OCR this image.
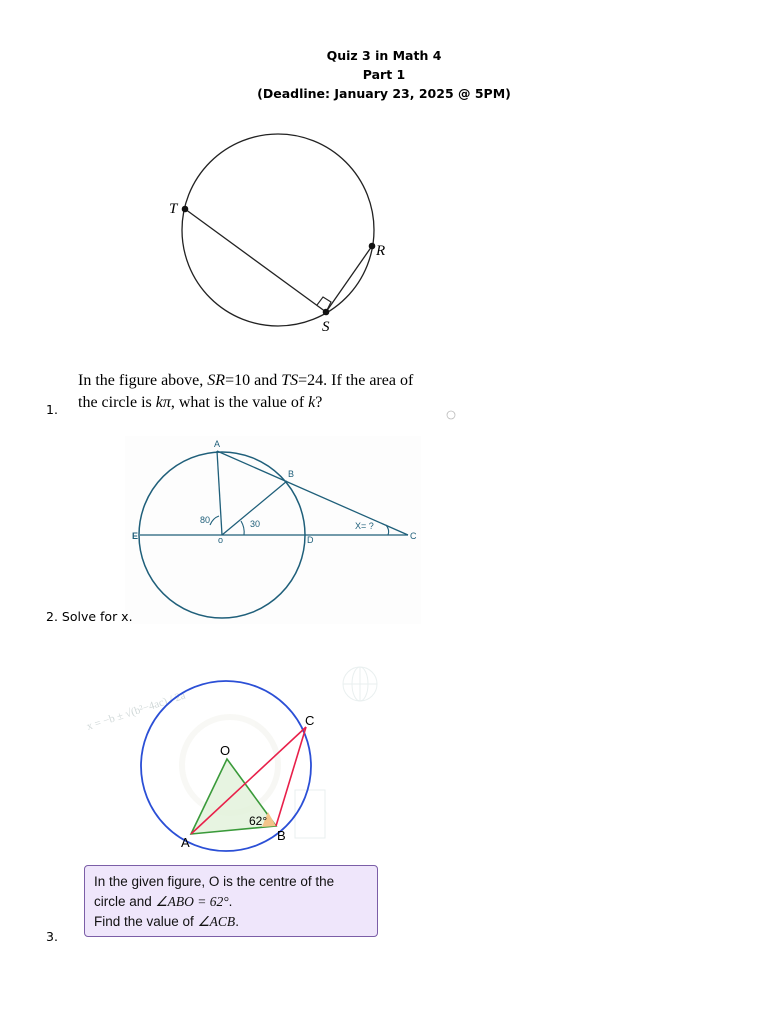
Quiz 3 in Math 4
Part 1
(Deadline: January 23, 2025 @ 5PM)
T
R
S
In the figure above, SR=10 and TS=24. If the area of
the circle is kπ, what is the value of k?
1.
A
B
C
D
E	o
80	30	X= ?
2. Solve for x.
x = −b ± √(b²−4ac) / 2a
O
A	B
C
62°
In the given figure, O is the centre of the
circle and ∠ABO = 62°.
Find the value of ∠ACB.
3.
